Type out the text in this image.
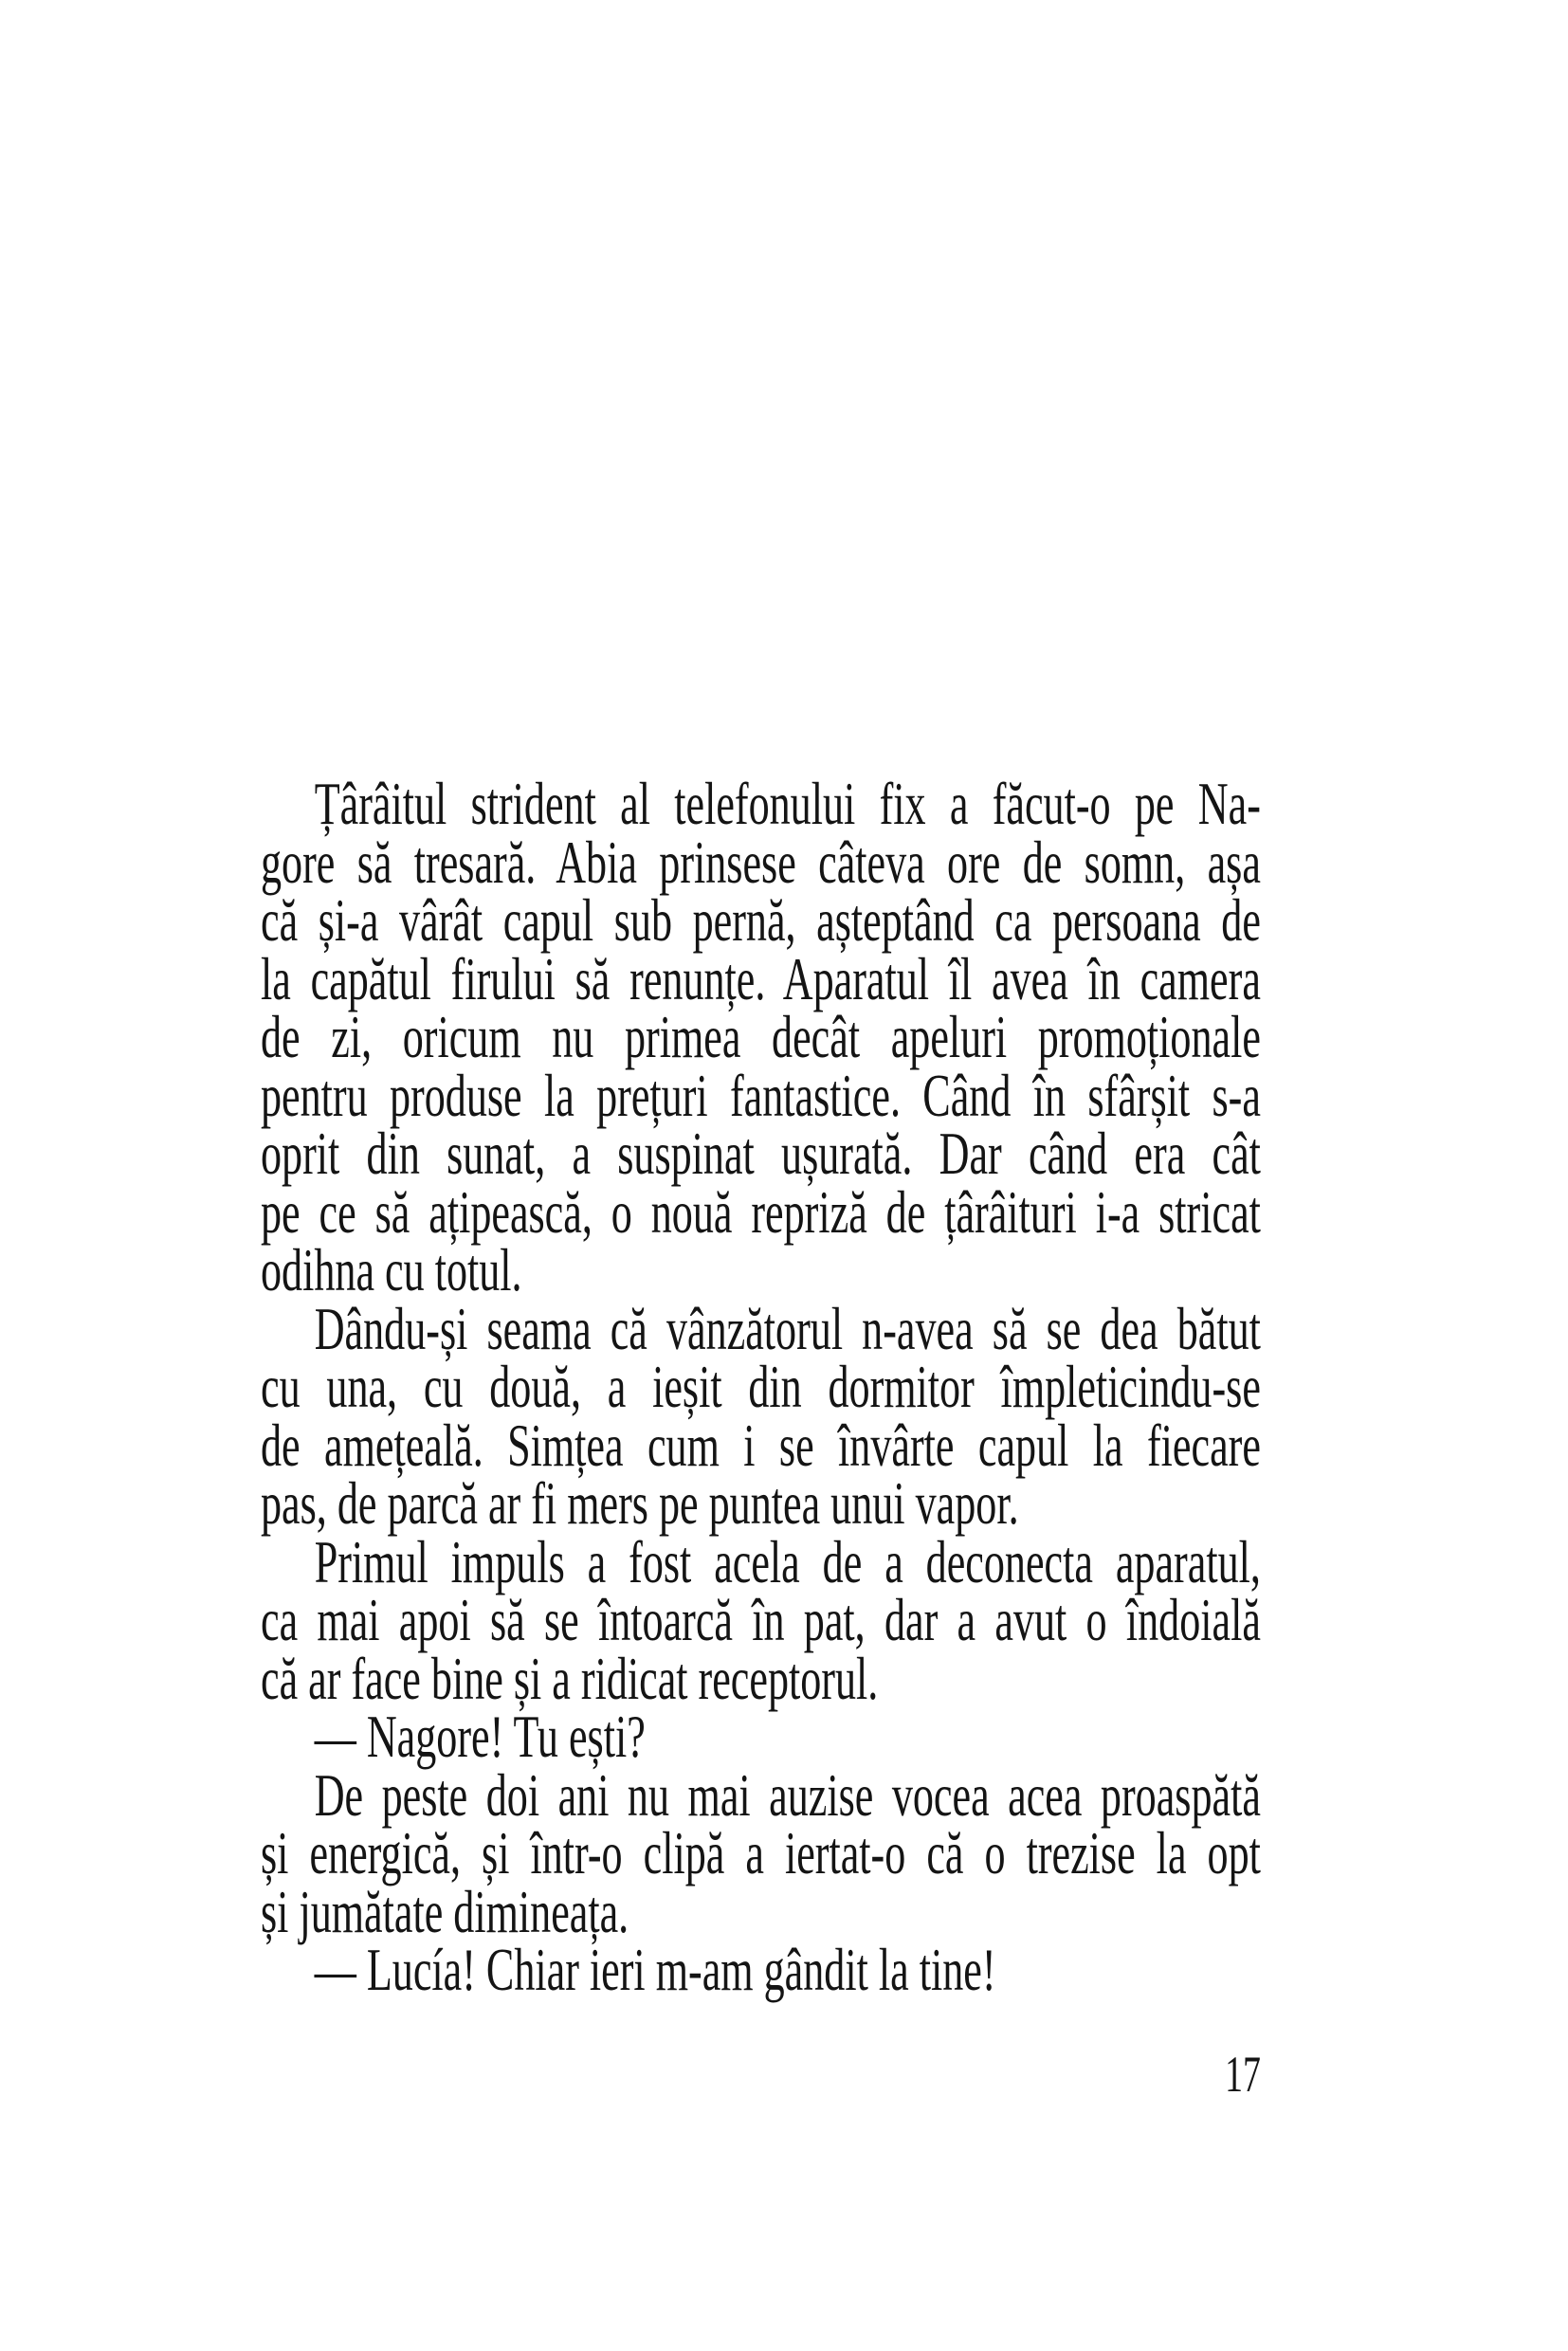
Țârâitul strident al telefonului fix a făcut-o pe Na-
gore să tresară. Abia prinsese câteva ore de somn, așa
că și-a vârât capul sub pernă, așteptând ca persoana de
la capătul firului să renunțe. Aparatul îl avea în camera
de zi, oricum nu primea decât apeluri promoționale
pentru produse la prețuri fantastice. Când în sfârșit s-a
oprit din sunat, a suspinat ușurată. Dar când era cât
pe ce să ațipească, o nouă repriză de țârâituri i-a stricat
odihna cu totul.
Dându-și seama că vânzătorul n-avea să se dea bătut
cu una, cu două, a ieșit din dormitor împleticindu-se
de amețeală. Simțea cum i se învârte capul la fiecare
pas, de parcă ar fi mers pe puntea unui vapor.
Primul impuls a fost acela de a deconecta aparatul,
ca mai apoi să se întoarcă în pat, dar a avut o îndoială
că ar face bine și a ridicat receptorul.
— Nagore! Tu ești?
De peste doi ani nu mai auzise vocea acea proaspătă
și energică, și într-o clipă a iertat-o că o trezise la opt
și jumătate dimineața.
— Lucía! Chiar ieri m-am gândit la tine!
17
